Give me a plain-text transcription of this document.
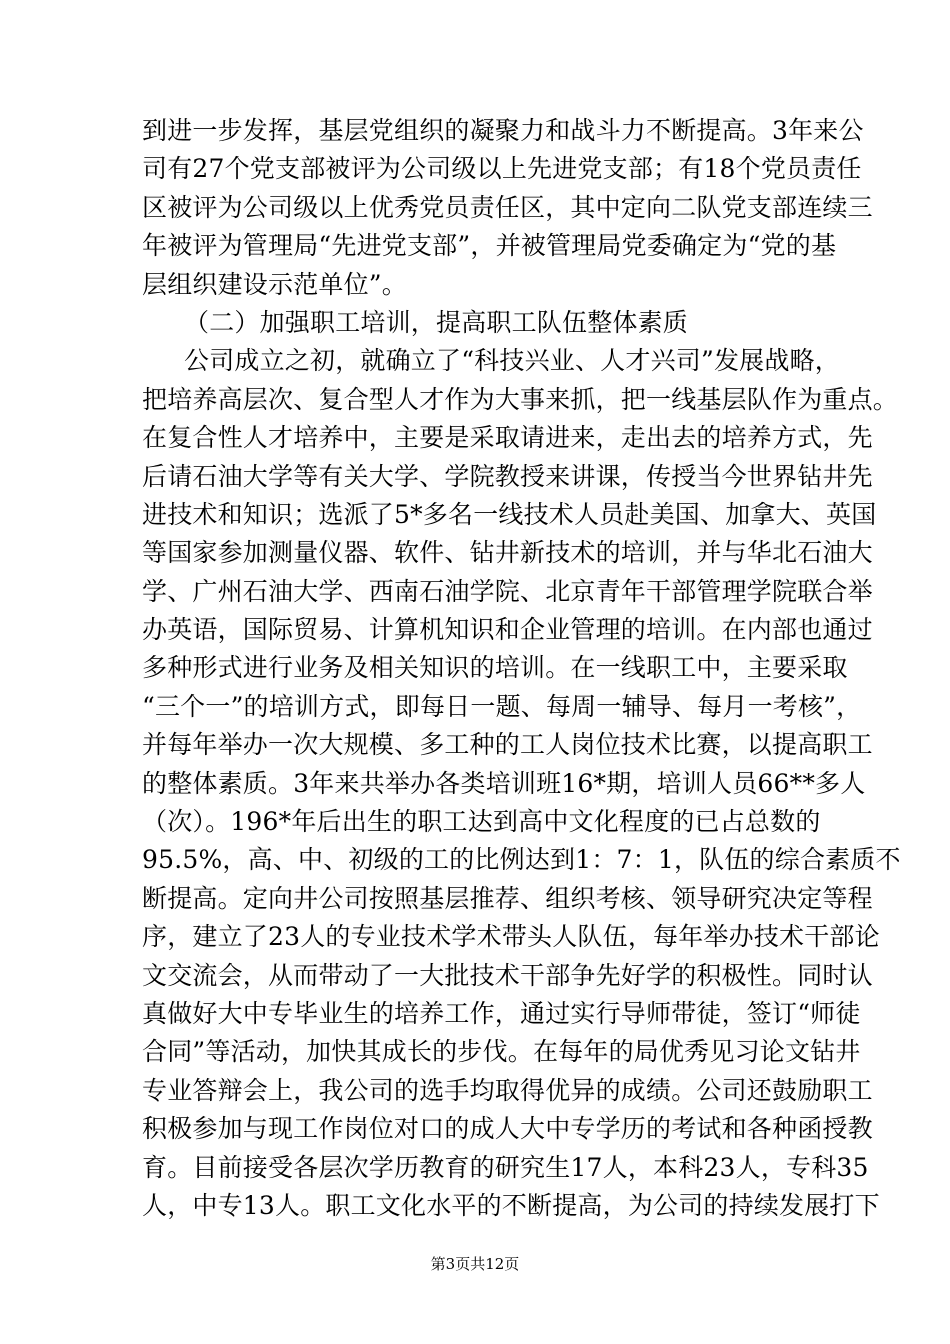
到进一步发挥，基层党组织的凝聚力和战斗力不断提高。3年来公
司有27个党支部被评为公司级以上先进党支部；有18个党员责任
区被评为公司级以上优秀党员责任区，其中定向二队党支部连续三
年被评为管理局“先进党支部”，并被管理局党委确定为“党的基
层组织建设示范单位”。
（二）加强职工培训，提高职工队伍整体素质
公司成立之初，就确立了“科技兴业、人才兴司”发展战略，
把培养高层次、复合型人才作为大事来抓，把一线基层队作为重点。
在复合性人才培养中，主要是采取请进来，走出去的培养方式，先
后请石油大学等有关大学、学院教授来讲课，传授当今世界钻井先
进技术和知识；选派了5*多名一线技术人员赴美国、加拿大、英国
等国家参加测量仪器、软件、钻井新技术的培训，并与华北石油大
学、广州石油大学、西南石油学院、北京青年干部管理学院联合举
办英语，国际贸易、计算机知识和企业管理的培训。在内部也通过
多种形式进行业务及相关知识的培训。在一线职工中，主要采取
“三个一”的培训方式，即每日一题、每周一辅导、每月一考核”，
并每年举办一次大规模、多工种的工人岗位技术比赛，以提高职工
的整体素质。3年来共举办各类培训班16*期，培训人员66**多人
（次）。196*年后出生的职工达到高中文化程度的已占总数的
95.5%，高、中、初级的工的比例达到1：7：1，队伍的综合素质不
断提高。定向井公司按照基层推荐、组织考核、领导研究决定等程
序，建立了23人的专业技术学术带头人队伍，每年举办技术干部论
文交流会，从而带动了一大批技术干部争先好学的积极性。同时认
真做好大中专毕业生的培养工作，通过实行导师带徒，签订“师徒
合同”等活动，加快其成长的步伐。在每年的局优秀见习论文钻井
专业答辩会上，我公司的选手均取得优异的成绩。公司还鼓励职工
积极参加与现工作岗位对口的成人大中专学历的考试和各种函授教
育。目前接受各层次学历教育的研究生17人，本科23人，专科35
人，中专13人。职工文化水平的不断提高，为公司的持续发展打下
第3页共12页
